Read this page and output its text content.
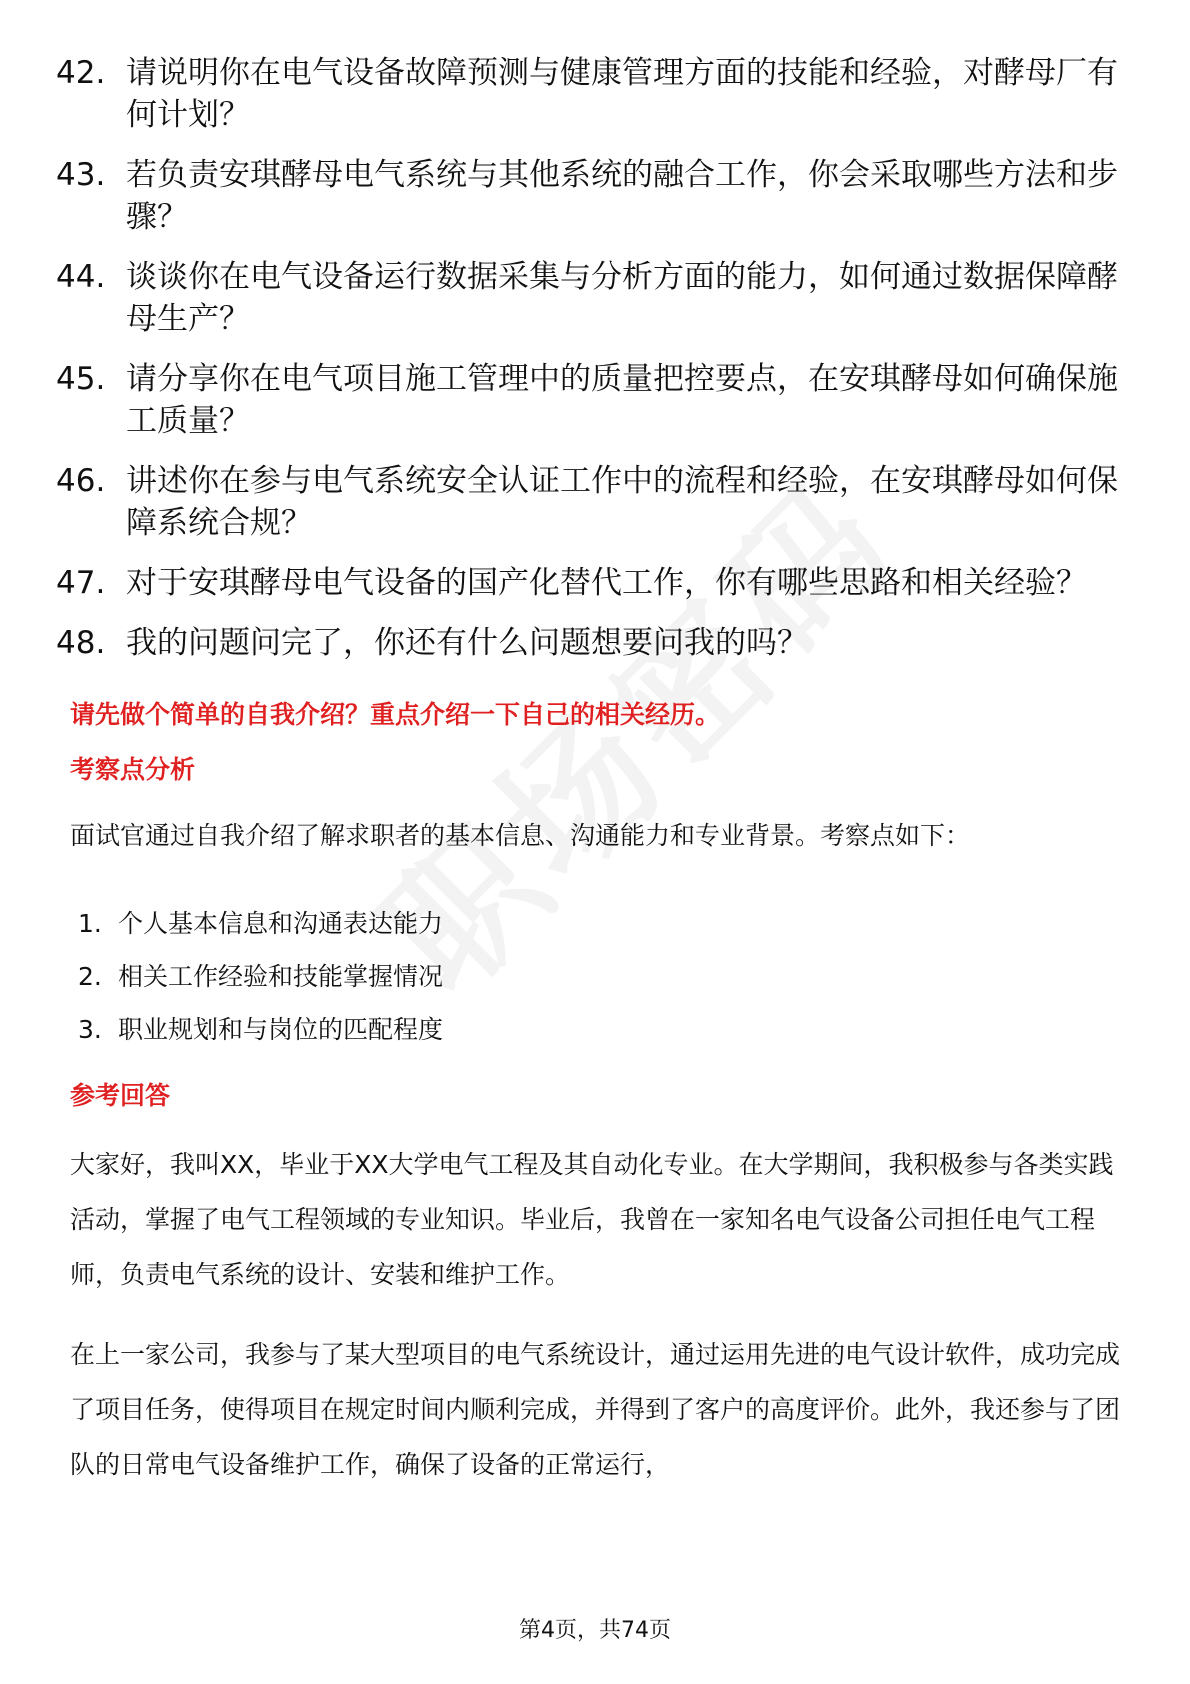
42. 请说明你在电气设备故障预测与健康管理方面的技能和经验，对酵母厂有何计划？
43. 若负责安琪酵母电气系统与其他系统的融合工作，你会采取哪些方法和步骤？
44. 谈谈你在电气设备运行数据采集与分析方面的能力，如何通过数据保障酵母生产？
45. 请分享你在电气项目施工管理中的质量把控要点，在安琪酵母如何确保施工质量？
46. 讲述你在参与电气系统安全认证工作中的流程和经验，在安琪酵母如何保障系统合规？
47. 对于安琪酵母电气设备的国产化替代工作，你有哪些思路和相关经验？
48. 我的问题问完了，你还有什么问题想要问我的吗？

请先做个简单的自我介绍？重点介绍一下自己的相关经历。

考察点分析

面试官通过自我介绍了解求职者的基本信息、沟通能力和专业背景。考察点如下：

1. 个人基本信息和沟通表达能力
2. 相关工作经验和技能掌握情况
3. 职业规划和与岗位的匹配程度

参考回答

大家好，我叫XX，毕业于XX大学电气工程及其自动化专业。在大学期间，我积极参与各类实践活动，掌握了电气工程领域的专业知识。毕业后，我曾在一家知名电气设备公司担任电气工程师，负责电气系统的设计、安装和维护工作。

在上一家公司，我参与了某大型项目的电气系统设计，通过运用先进的电气设计软件，成功完成了项目任务，使得项目在规定时间内顺利完成，并得到了客户的高度评价。此外，我还参与了团队的日常电气设备维护工作，确保了设备的正常运行，

第4页，共74页
